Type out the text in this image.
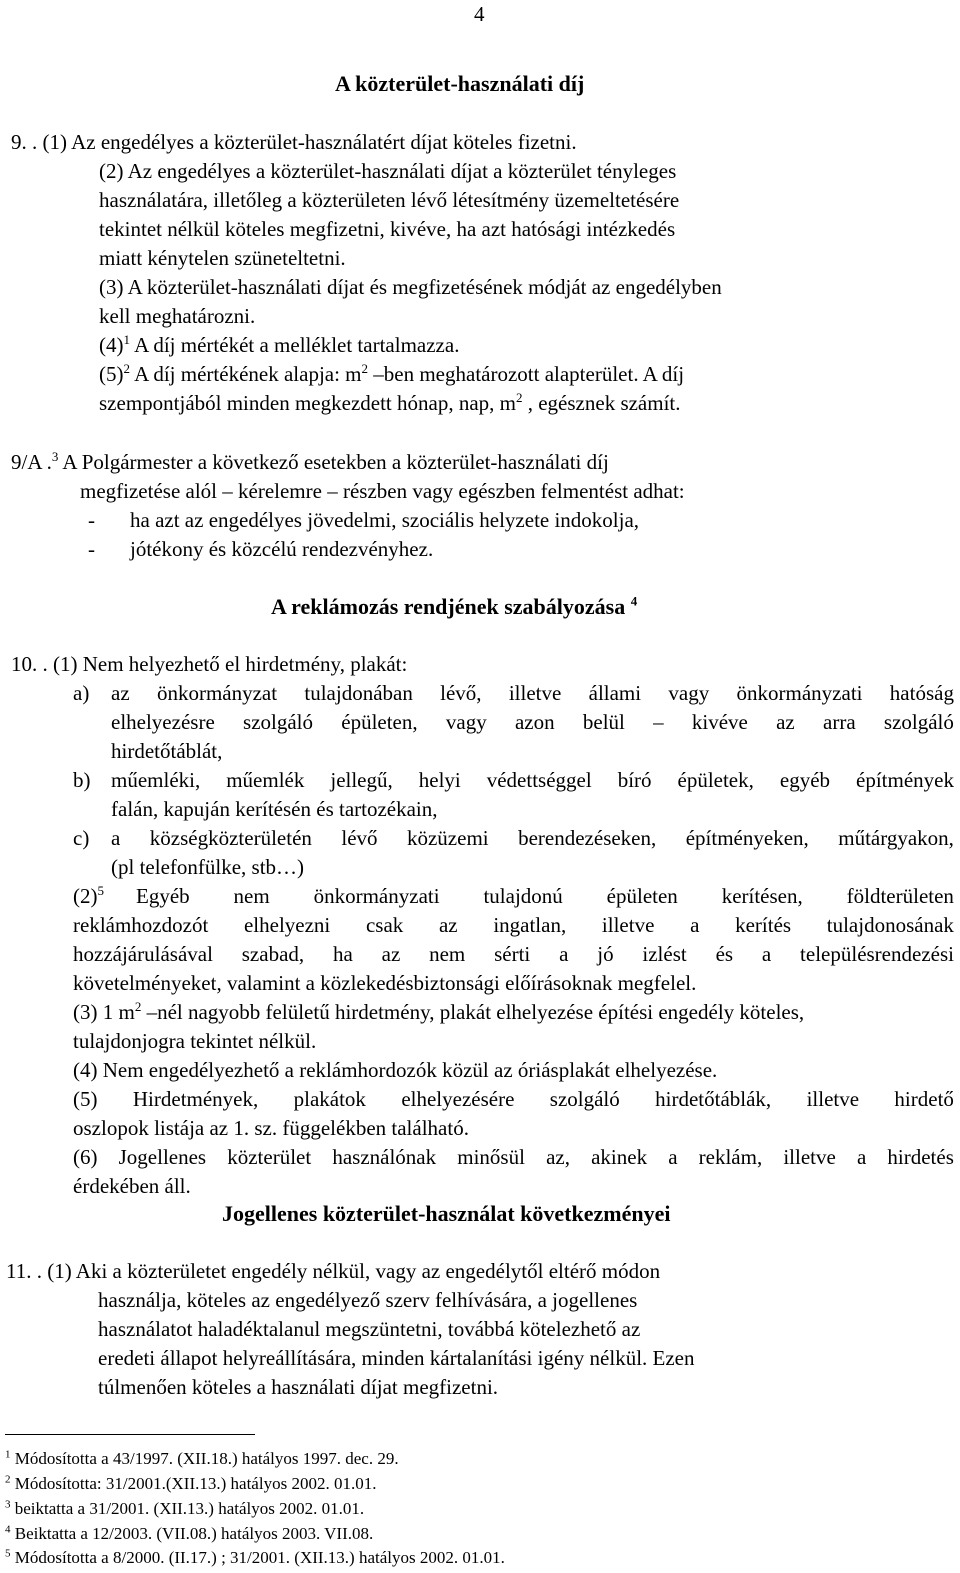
4
A közterület-használati díj
9. . (1) Az engedélyes a közterület-használatért díjat köteles fizetni.
(2) Az engedélyes a közterület-használati díjat a közterület tényleges
használatára, illetőleg a közterületen lévő létesítmény üzemeltetésére
tekintet nélkül köteles megfizetni, kivéve, ha azt hatósági intézkedés
miatt kénytelen szüneteltetni.
(3) A közterület-használati díjat és megfizetésének módját az engedélyben
kell meghatározni.
$(4)^1$ A díj mértékét a melléklet tartalmazza.
$(5)^2$ A díj mértékének alapja: $m^2$ –ben meghatározott alapterület. A díj
szempontjából minden megkezdett hónap, nap, $m^2$ , egésznek számít.
9/A .$^3$ A Polgármester a következő esetekben a közterület-használati díj
megfizetése alól – kérelemre – részben vagy egészben felmentést adhat:
- ha azt az engedélyes jövedelmi, szociális helyzete indokolja,
- jótékony és közcélú rendezvényhez.
A reklámozás rendjének szabályozása $^4$
10. . (1) Nem helyezhető el hirdetmény, plakát:
a) az önkormányzat tulajdonában lévő, illetve állami vagy önkormányzati hatóság
elhelyezésre szolgáló épületen, vagy azon belül – kivéve az arra szolgáló
hirdetőtáblát,
b) műemléki, műemlék jellegű, helyi védettséggel bíró épületek, egyéb építmények
falán, kapuján kerítésén és tartozékain,
c) a községközterületén lévő közüzemi berendezéseken, építményeken, műtárgyakon,
(pl telefonfülke, stb…)
$(2)^5$ Egyéb nem önkormányzati tulajdonú épületen kerítésen, földterületen
reklámhozdozót elhelyezni csak az ingatlan, illetve a kerítés tulajdonosának
hozzájárulásával szabad, ha az nem sérti a jó izlést és a településrendezési
követelményeket, valamint a közlekedésbiztonsági előírásoknak megfelel.
(3) 1 $m^2$ –nél nagyobb felületű hirdetmény, plakát elhelyezése építési engedély köteles,
tulajdonjogra tekintet nélkül.
(4) Nem engedélyezhető a reklámhordozók közül az óriásplakát elhelyezése.
(5) Hirdetmények, plakátok elhelyezésére szolgáló hirdetőtáblák, illetve hirdető
oszlopok listája az 1. sz. függelékben található.
(6) Jogellenes közterület használónak minősül az, akinek a reklám, illetve a hirdetés
érdekében áll.
Jogellenes közterület-használat következményei
11. . (1) Aki a közterületet engedély nélkül, vagy az engedélytől eltérő módon
használja, köteles az engedélyező szerv felhívására, a jogellenes
használatot haladéktalanul megszüntetni, továbbá kötelezhető az
eredeti állapot helyreállítására, minden kártalanítási igény nélkül. Ezen
túlmenően köteles a használati díjat megfizetni.
$^1$ Módosította a 43/1997. (XII.18.) hatályos 1997. dec. 29.
$^2$ Módosította: 31/2001.(XII.13.) hatályos 2002. 01.01.
$^3$ beiktatta a 31/2001. (XII.13.) hatályos 2002. 01.01.
$^4$ Beiktatta a 12/2003. (VII.08.) hatályos 2003. VII.08.
$^5$ Módosította a 8/2000. (II.17.) ; 31/2001. (XII.13.) hatályos 2002. 01.01.
